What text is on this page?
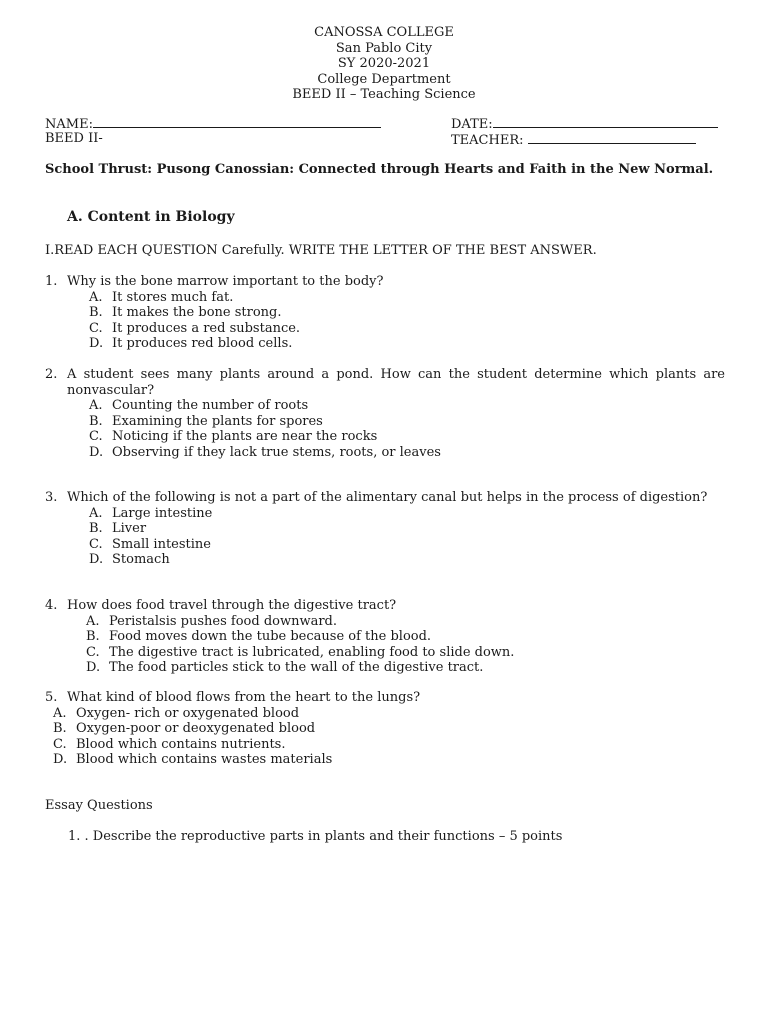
CANOSSA COLLEGE
San Pablo City
SY 2020-2021
College Department
BEED II – Teaching Science
NAME:	DATE:
BEED II-	TEACHER:
School Thrust: Pusong Canossian: Connected through Hearts and Faith in the New Normal.
A. Content in Biology
I.READ EACH QUESTION Carefully. WRITE THE LETTER OF THE BEST ANSWER.
1. Why is the bone marrow important to the body?
A. It stores much fat.
B. It makes the bone strong.
C. It produces a red substance.
D. It produces red blood cells.
2. A student sees many plants around a pond. How can the student determine which plants are nonvascular?
A. Counting the number of roots
B. Examining the plants for spores
C. Noticing if the plants are near the rocks
D. Observing if they lack true stems, roots, or leaves
3. Which of the following is not a part of the alimentary canal but helps in the process of digestion?
A. Large intestine
B. Liver
C. Small intestine
D. Stomach
4. How does food travel through the digestive tract?
A. Peristalsis pushes food downward.
B. Food moves down the tube because of the blood.
C. The digestive tract is lubricated, enabling food to slide down.
D. The food particles stick to the wall of the digestive tract.
5. What kind of blood flows from the heart to the lungs?
A. Oxygen- rich or oxygenated blood
B. Oxygen-poor or deoxygenated blood
C. Blood which contains nutrients.
D. Blood which contains wastes materials
Essay Questions
1. . Describe the reproductive parts in plants and their functions – 5 points
